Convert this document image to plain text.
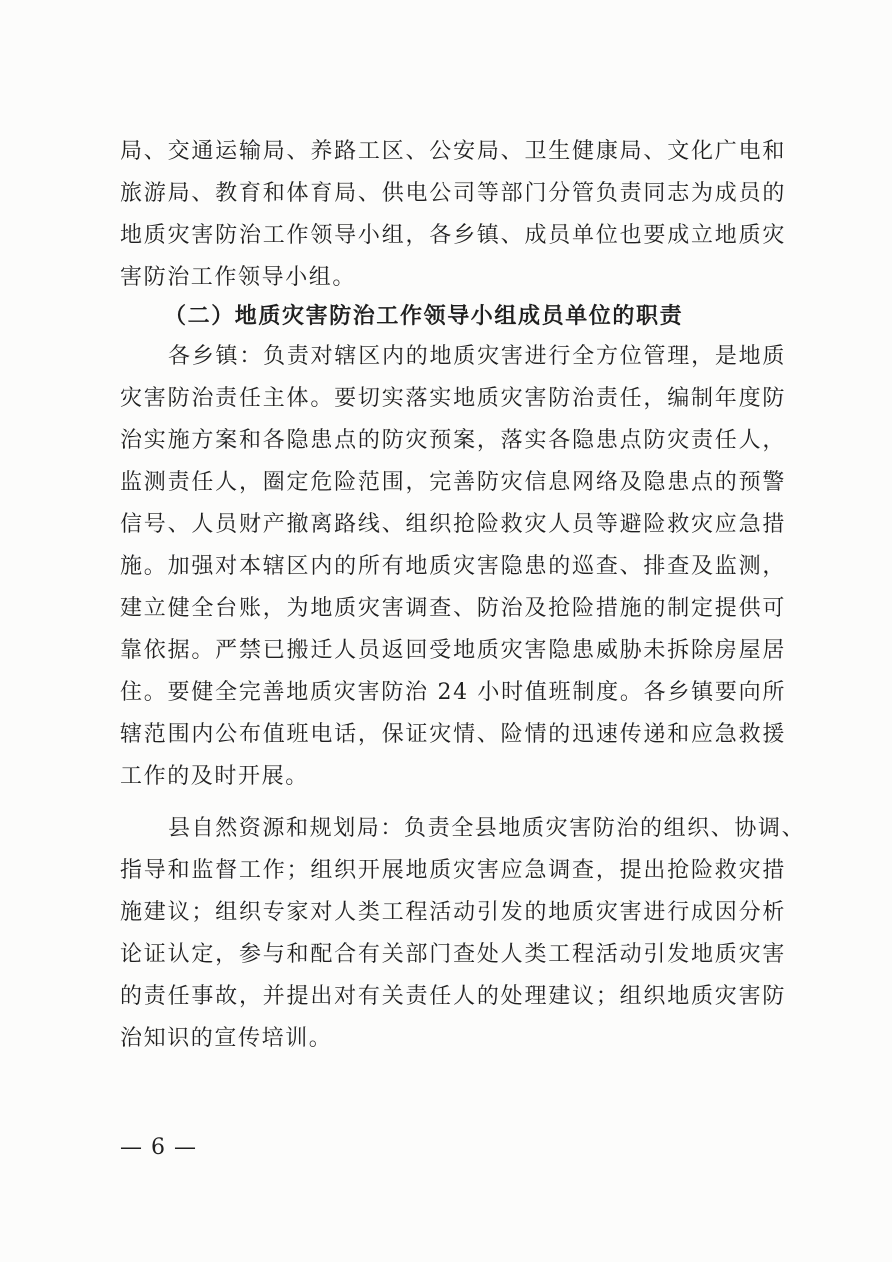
局、交通运输局、养路工区、公安局、卫生健康局、文化广电和
旅游局、教育和体育局、供电公司等部门分管负责同志为成员的
地质灾害防治工作领导小组，各乡镇、成员单位也要成立地质灾
害防治工作领导小组。
（二）地质灾害防治工作领导小组成员单位的职责
各乡镇：负责对辖区内的地质灾害进行全方位管理，是地质
灾害防治责任主体。要切实落实地质灾害防治责任，编制年度防
治实施方案和各隐患点的防灾预案，落实各隐患点防灾责任人，
监测责任人，圈定危险范围，完善防灾信息网络及隐患点的预警
信号、人员财产撤离路线、组织抢险救灾人员等避险救灾应急措
施。加强对本辖区内的所有地质灾害隐患的巡查、排查及监测，
建立健全台账，为地质灾害调查、防治及抢险措施的制定提供可
靠依据。严禁已搬迁人员返回受地质灾害隐患威胁未拆除房屋居
住。要健全完善地质灾害防治 24 小时值班制度。各乡镇要向所
辖范围内公布值班电话，保证灾情、险情的迅速传递和应急救援
工作的及时开展。
县自然资源和规划局：负责全县地质灾害防治的组织、协调、
指导和监督工作；组织开展地质灾害应急调查，提出抢险救灾措
施建议；组织专家对人类工程活动引发的地质灾害进行成因分析
论证认定，参与和配合有关部门查处人类工程活动引发地质灾害
的责任事故，并提出对有关责任人的处理建议；组织地质灾害防
治知识的宣传培训。
— 6 —
